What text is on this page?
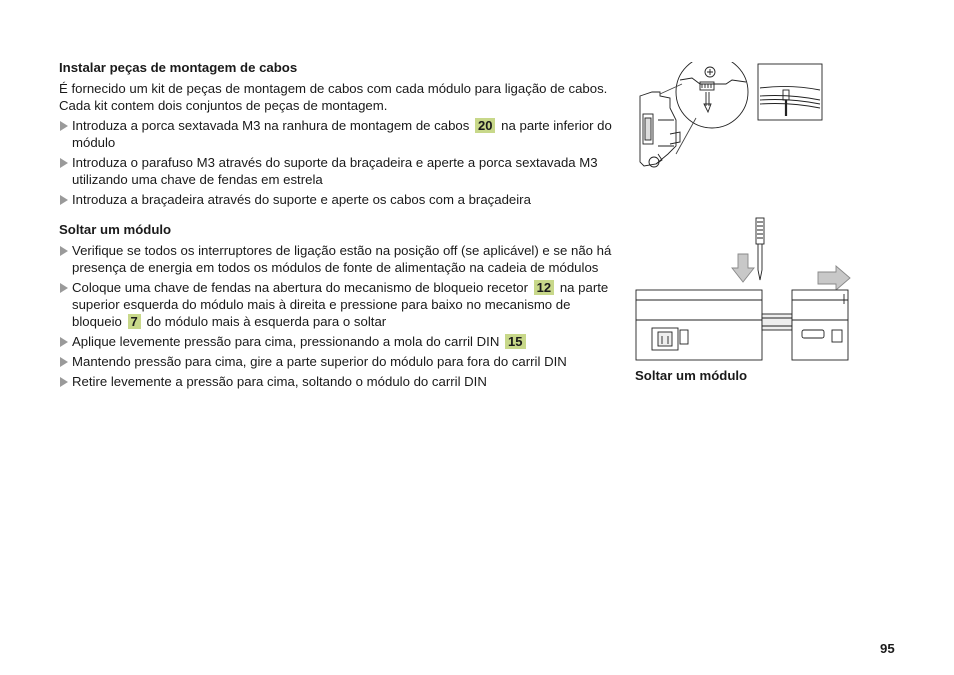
Instalar peças de montagem de cabos

É fornecido um kit de peças de montagem de cabos com cada módulo para ligação de cabos. Cada kit contem dois conjuntos de peças de montagem.

Introduza a porca sextavada M3 na ranhura de montagem de cabos 20 na parte inferior do módulo
Introduza o parafuso M3 através do suporte da braçadeira e aperte a porca sextavada M3 utilizando uma chave de fendas em estrela
Introduza a braçadeira através do suporte e aperte os cabos com a braçadeira
Soltar um módulo
Verifique se todos os interruptores de ligação estão na posição off (se aplicável) e se não há presença de energia em todos os módulos de fonte de alimentação na cadeia de módulos
Coloque uma chave de fendas na abertura do mecanismo de bloqueio recetor 12 na parte superior esquerda do módulo mais à direita e pressione para baixo no mecanismo de bloqueio 7 do módulo mais à esquerda para o soltar
Aplique levemente pressão para cima, pressionando a mola do carril DIN 15
Mantendo pressão para cima, gire a parte superior do módulo para fora do carril DIN
Retire levemente a pressão para cima, soltando o módulo do carril DIN	Soltar um módulo
95
